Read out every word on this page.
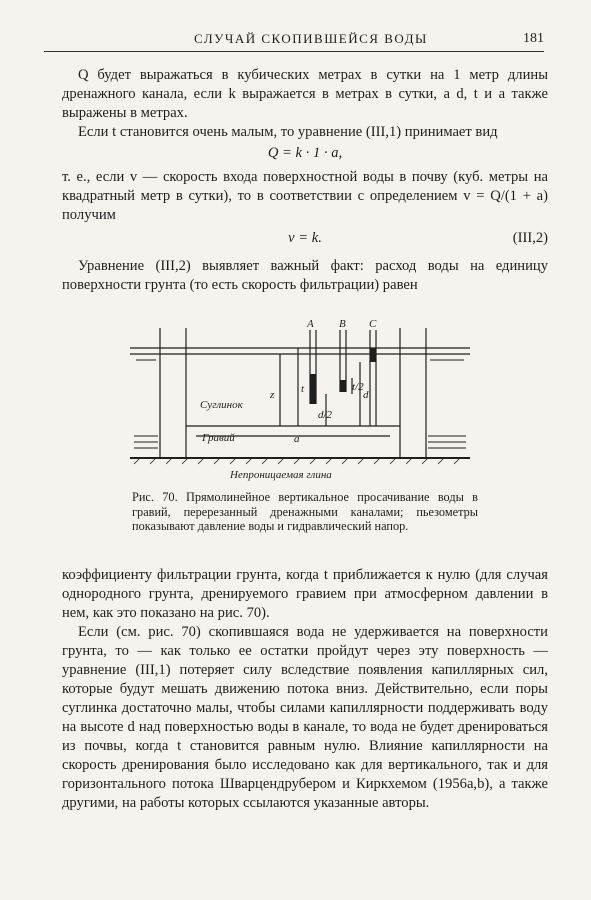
СЛУЧАЙ СКОПИВШЕЙСЯ ВОДЫ	181

Q будет выражаться в кубических метрах в сутки на 1 метр длины дренажного канала, если k выражается в метрах в сутки, а d, t и a также выражены в метрах.

Если t становится очень малым, то уравнение (III,1) принимает вид

Q = k · 1 · a,

т. е., если v — скорость входа поверхностной воды в почву (куб. метры на квадратный метр в сутки), то в соответствии с определением v = Q/(1 + a) получим

v = k.	(III,2)

Уравнение (III,2) выявляет важный факт: расход воды на единицу поверхности грунта (то есть скорость фильтрации) равен

A B C
Суглинок
Гравий
Непроницаемая глина
a
t
z	d
d/2
t/2

Рис. 70. Прямолинейное вертикальное просачивание воды в гравий, перерезанный дренажными каналами; пьезометры показывают давление воды и гидравлический напор.

коэффициенту фильтрации грунта, когда t приближается к нулю (для случая однородного грунта, дренируемого гравием при атмосферном давлении в нем, как это показано на рис. 70).

Если (см. рис. 70) скопившаяся вода не удерживается на поверхности грунта, то — как только ее остатки пройдут через эту поверхность — уравнение (III,1) потеряет силу вследствие появления капиллярных сил, которые будут мешать движению потока вниз. Действительно, если поры суглинка достаточно малы, чтобы силами капиллярности поддерживать воду на высоте d над поверхностью воды в канале, то вода не будет дренироваться из почвы, когда t становится равным нулю. Влияние капиллярности на скорость дренирования было исследовано как для вертикального, так и для горизонтального потока Шварцендрубером и Киркхемом (1956a,b), а также другими, на работы которых ссылаются указанные авторы.
